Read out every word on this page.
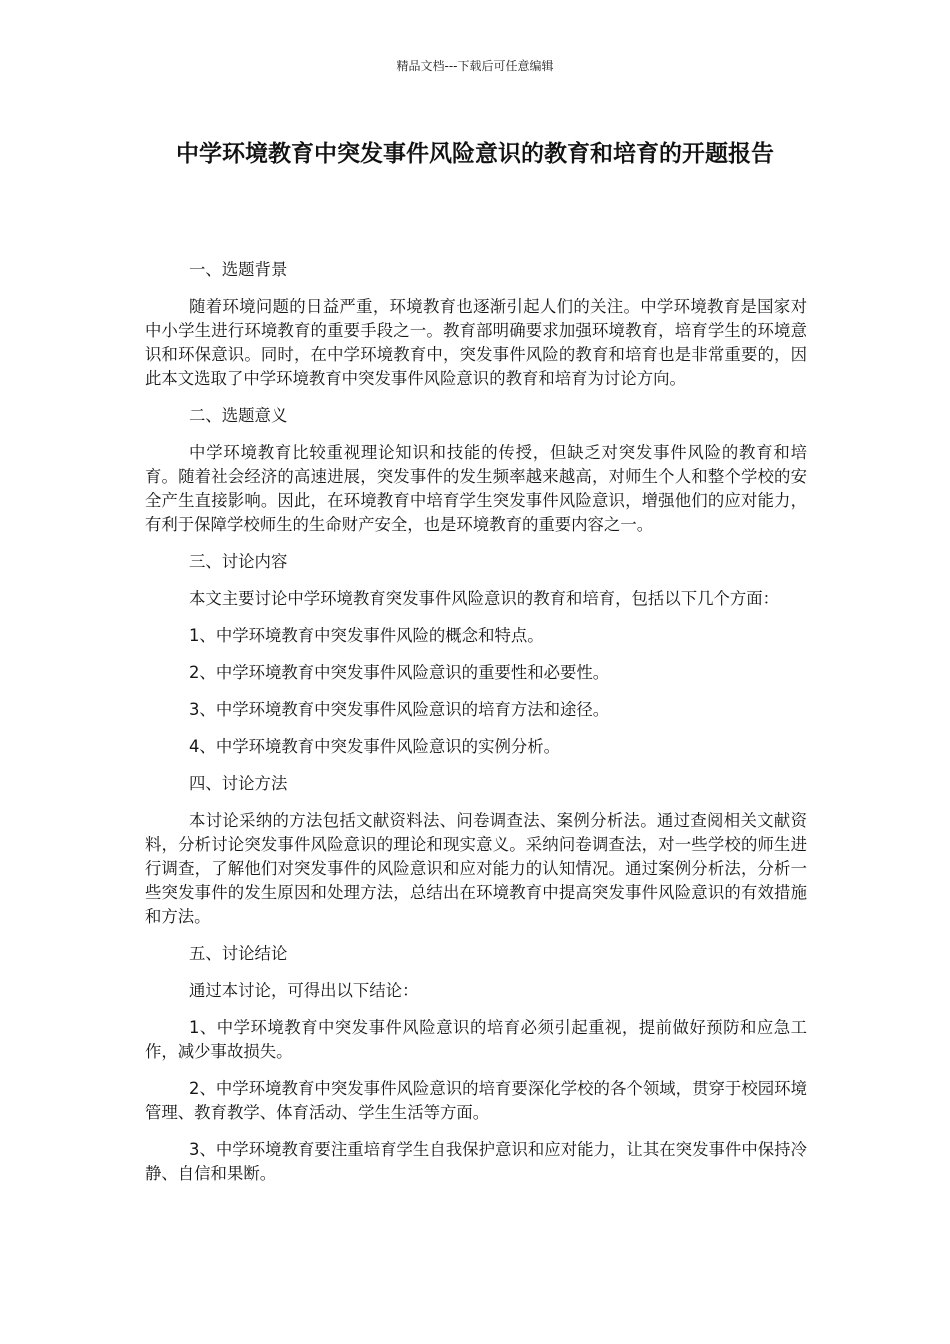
精品文档---下载后可任意编辑
中学环境教育中突发事件风险意识的教育和培育的开题报告

一、选题背景

随着环境问题的日益严重，环境教育也逐渐引起人们的关注。中学环境教育是国家对中小学生进行环境教育的重要手段之一。教育部明确要求加强环境教育，培育学生的环境意识和环保意识。同时，在中学环境教育中，突发事件风险的教育和培育也是非常重要的，因此本文选取了中学环境教育中突发事件风险意识的教育和培育为讨论方向。

二、选题意义

中学环境教育比较重视理论知识和技能的传授，但缺乏对突发事件风险的教育和培育。随着社会经济的高速进展，突发事件的发生频率越来越高，对师生个人和整个学校的安全产生直接影响。因此，在环境教育中培育学生突发事件风险意识，增强他们的应对能力，有利于保障学校师生的生命财产安全，也是环境教育的重要内容之一。

三、讨论内容

本文主要讨论中学环境教育突发事件风险意识的教育和培育，包括以下几个方面：

1、中学环境教育中突发事件风险的概念和特点。

2、中学环境教育中突发事件风险意识的重要性和必要性。

3、中学环境教育中突发事件风险意识的培育方法和途径。

4、中学环境教育中突发事件风险意识的实例分析。

四、讨论方法

本讨论采纳的方法包括文献资料法、问卷调查法、案例分析法。通过查阅相关文献资料，分析讨论突发事件风险意识的理论和现实意义。采纳问卷调查法，对一些学校的师生进行调查，了解他们对突发事件的风险意识和应对能力的认知情况。通过案例分析法，分析一些突发事件的发生原因和处理方法，总结出在环境教育中提高突发事件风险意识的有效措施和方法。

五、讨论结论

通过本讨论，可得出以下结论：

1、中学环境教育中突发事件风险意识的培育必须引起重视，提前做好预防和应急工作，减少事故损失。

2、中学环境教育中突发事件风险意识的培育要深化学校的各个领域，贯穿于校园环境管理、教育教学、体育活动、学生生活等方面。

3、中学环境教育要注重培育学生自我保护意识和应对能力，让其在突发事件中保持冷静、自信和果断。
